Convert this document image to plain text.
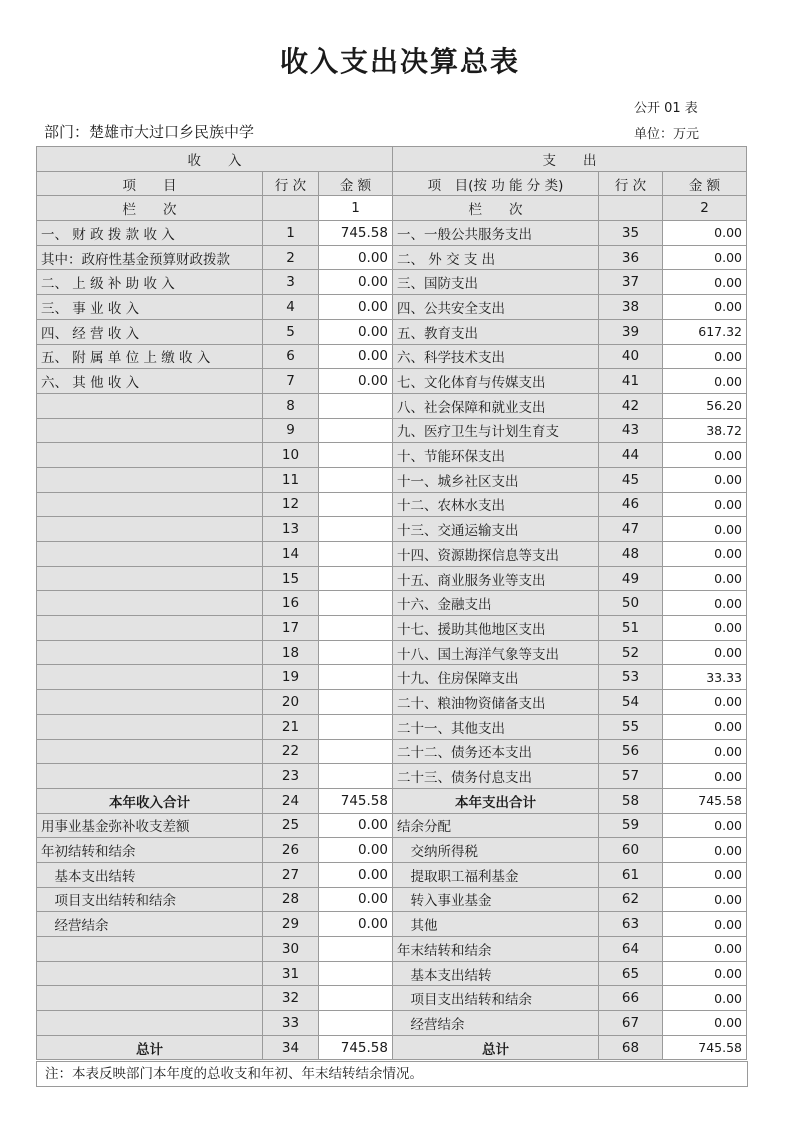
收入支出决算总表
公开 01 表
单位：万元
部门：楚雄市大过口乡民族中学
收　　入			支　　出		
项　　目	行 次	金 额	项　目(按 功 能 分 类)	行 次	金 额
栏　　次		1	栏　　次		2
一、 财 政 拨 款 收 入	1	745.58	一、一般公共服务支出	35	0.00
其中：政府性基金预算财政拨款	2	0.00	二、 外 交 支 出	36	0.00
二、 上 级 补 助 收 入	3	0.00	三、国防支出	37	0.00
三、 事 业 收 入	4	0.00	四、公共安全支出	38	0.00
四、 经 营 收 入	5	0.00	五、教育支出	39	617.32
五、 附 属 单 位 上 缴 收 入	6	0.00	六、科学技术支出	40	0.00
六、 其 他 收 入	7	0.00	七、文化体育与传媒支出	41	0.00
	8		八、社会保障和就业支出	42	56.20
	9		九、医疗卫生与计划生育支	43	38.72
	10		十、节能环保支出	44	0.00
	11		十一、城乡社区支出	45	0.00
	12		十二、农林水支出	46	0.00
	13		十三、交通运输支出	47	0.00
	14		十四、资源勘探信息等支出	48	0.00
	15		十五、商业服务业等支出	49	0.00
	16		十六、金融支出	50	0.00
	17		十七、援助其他地区支出	51	0.00
	18		十八、国土海洋气象等支出	52	0.00
	19		十九、住房保障支出	53	33.33
	20		二十、粮油物资储备支出	54	0.00
	21		二十一、其他支出	55	0.00
	22		二十二、债务还本支出	56	0.00
	23		二十三、债务付息支出	57	0.00
本年收入合计	24	745.58	本年支出合计	58	745.58
用事业基金弥补收支差额	25	0.00	结余分配	59	0.00
年初结转和结余	26	0.00	　交纳所得税	60	0.00
　基本支出结转	27	0.00	　提取职工福利基金	61	0.00
　项目支出结转和结余	28	0.00	　转入事业基金	62	0.00
　经营结余	29	0.00	　其他	63	0.00
	30		年末结转和结余	64	0.00
	31		　基本支出结转	65	0.00
	32		　项目支出结转和结余	66	0.00
	33		　经营结余	67	0.00
总计	34	745.58	总计	68	745.58
注：本表反映部门本年度的总收支和年初、年末结转结余情况。
